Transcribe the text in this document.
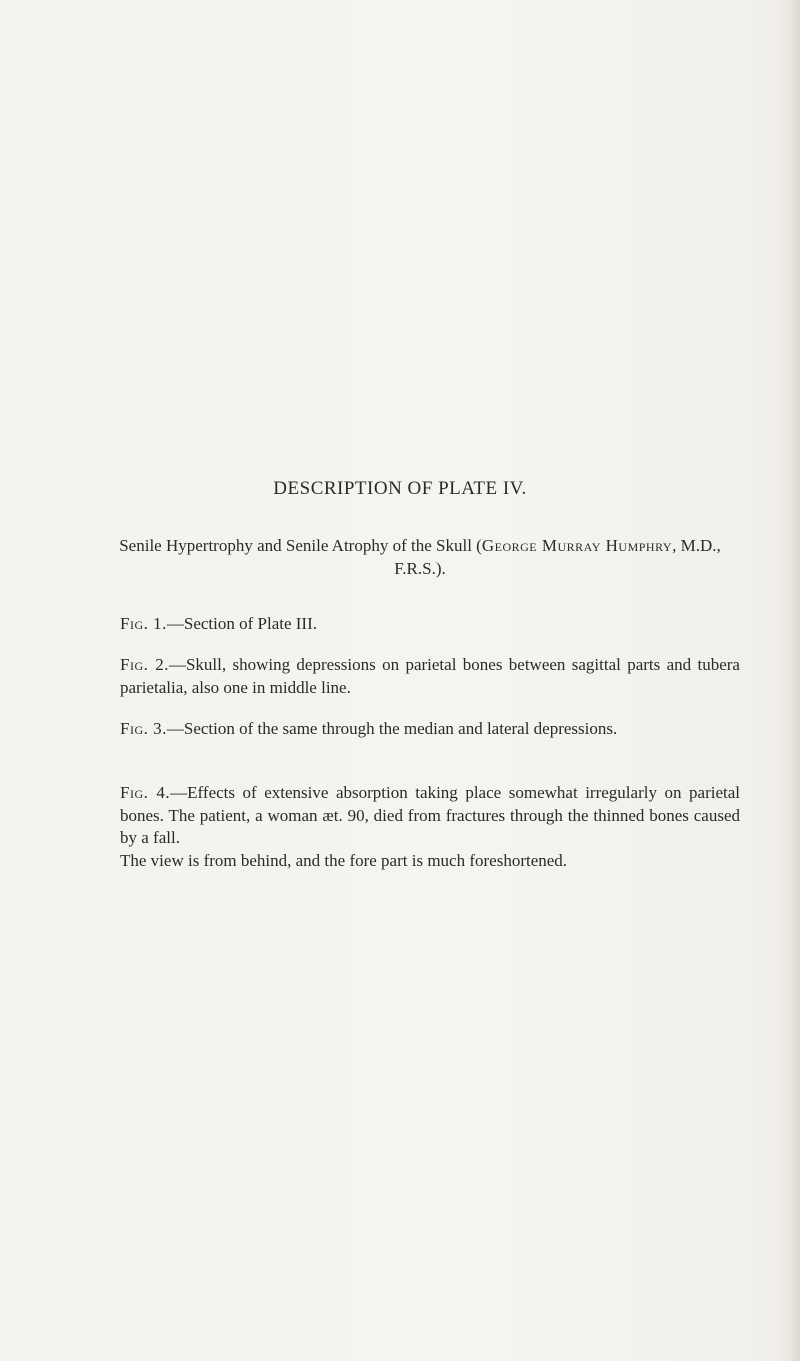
DESCRIPTION OF PLATE IV.

Senile Hypertrophy and Senile Atrophy of the Skull (George Murray Humphry, M.D., F.R.S.).

Fig. 1.—Section of Plate III.

Fig. 2.—Skull, showing depressions on parietal bones between sagittal parts and tubera parietalia, also one in middle line.

Fig. 3.—Section of the same through the median and lateral depressions.

Fig. 4.—Effects of extensive absorption taking place somewhat irregularly on parietal bones. The patient, a woman æt. 90, died from fractures through the thinned bones caused by a fall.

The view is from behind, and the fore part is much foreshortened.
